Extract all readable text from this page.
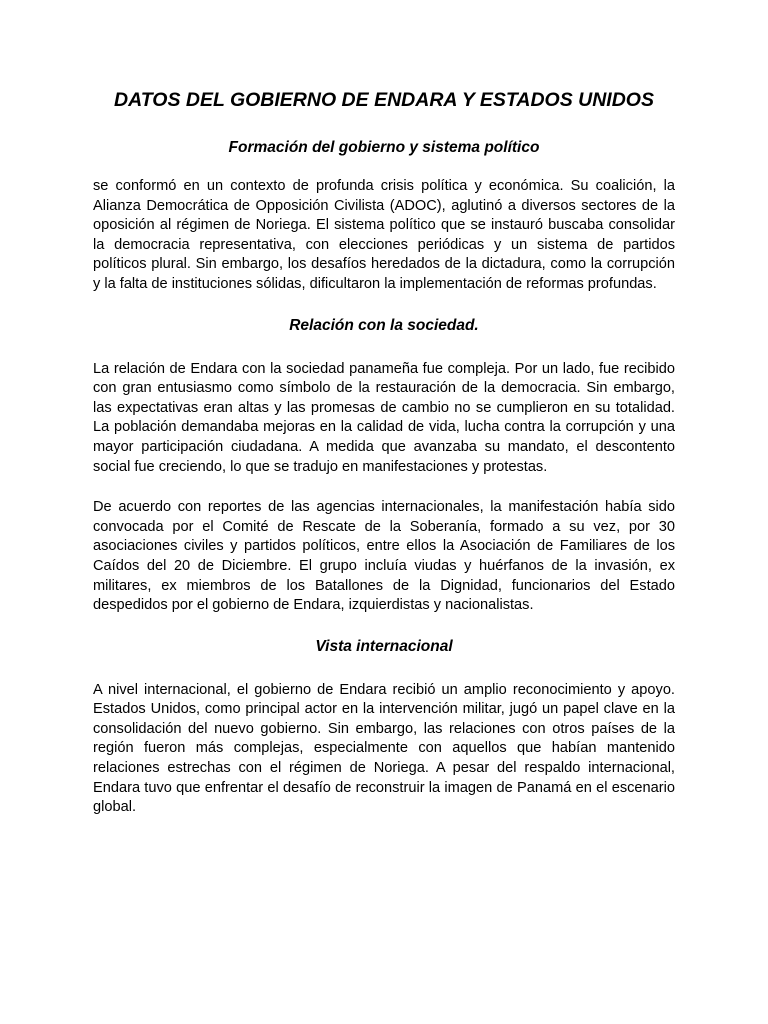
DATOS DEL GOBIERNO DE ENDARA Y ESTADOS UNIDOS
Formación del gobierno y sistema político

se conformó en un contexto de profunda crisis política y económica. Su coalición, la Alianza Democrática de Opposición Civilista (ADOC), aglutinó a diversos sectores de la oposición al régimen de Noriega. El sistema político que se instauró buscaba consolidar la democracia representativa, con elecciones periódicas y un sistema de partidos políticos plural. Sin embargo, los desafíos heredados de la dictadura, como la corrupción y la falta de instituciones sólidas, dificultaron la implementación de reformas profundas.

Relación con la sociedad.

La relación de Endara con la sociedad panameña fue compleja. Por un lado, fue recibido con gran entusiasmo como símbolo de la restauración de la democracia. Sin embargo, las expectativas eran altas y las promesas de cambio no se cumplieron en su totalidad. La población demandaba mejoras en la calidad de vida, lucha contra la corrupción y una mayor participación ciudadana. A medida que avanzaba su mandato, el descontento social fue creciendo, lo que se tradujo en manifestaciones y protestas.

De acuerdo con reportes de las agencias internacionales, la manifestación había sido convocada por el Comité de Rescate de la Soberanía, formado a su vez, por 30 asociaciones civiles y partidos políticos, entre ellos la Asociación de Familiares de los Caídos del 20 de Diciembre. El grupo incluía viudas y huérfanos de la invasión, ex militares, ex miembros de los Batallones de la Dignidad, funcionarios del Estado despedidos por el gobierno de Endara, izquierdistas y nacionalistas.

Vista internacional

A nivel internacional, el gobierno de Endara recibió un amplio reconocimiento y apoyo. Estados Unidos, como principal actor en la intervención militar, jugó un papel clave en la consolidación del nuevo gobierno. Sin embargo, las relaciones con otros países de la región fueron más complejas, especialmente con aquellos que habían mantenido relaciones estrechas con el régimen de Noriega. A pesar del respaldo internacional, Endara tuvo que enfrentar el desafío de reconstruir la imagen de Panamá en el escenario global.
